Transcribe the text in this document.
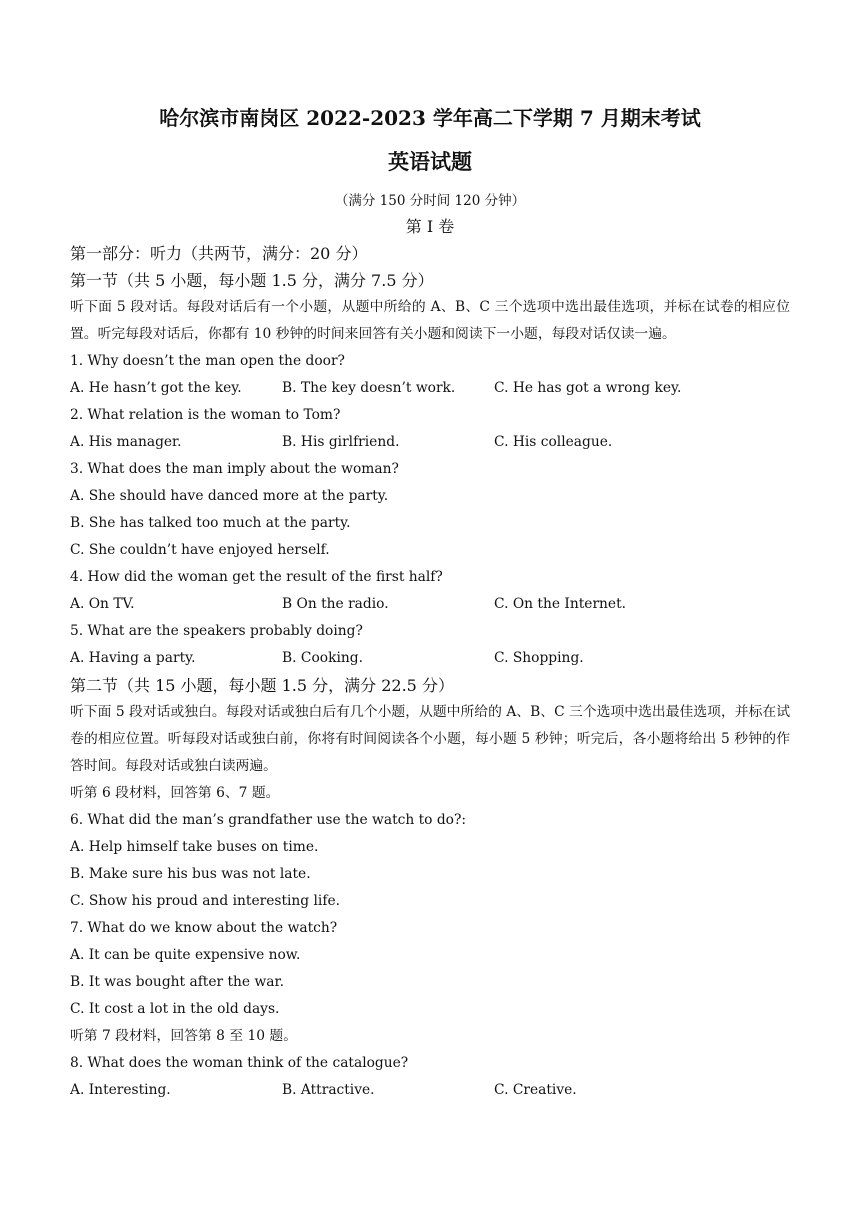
哈尔滨市南岗区 2022-2023 学年高二下学期 7 月期末考试
英语试题
（满分 150 分时间 120 分钟）
第 I 卷
第一部分：听力（共两节，满分：20 分）
第一节（共 5 小题，每小题 1.5 分，满分 7.5 分）
听下面 5 段对话。每段对话后有一个小题，从题中所给的 A、B、C 三个选项中选出最佳选项，并标在试卷的相应位置。听完每段对话后，你都有 10 秒钟的时间来回答有关小题和阅读下一小题，每段对话仅读一遍。
1. Why doesn’t the man open the door?
A. He hasn’t got the key.	B. The key doesn’t work.	C. He has got a wrong key.
2. What relation is the woman to Tom?
A. His manager.	B. His girlfriend.	C. His colleague.
3. What does the man imply about the woman?
A. She should have danced more at the party.
B. She has talked too much at the party.
C. She couldn’t have enjoyed herself.
4. How did the woman get the result of the first half?
A. On TV.	B On the radio.	C. On the Internet.
5. What are the speakers probably doing?
A. Having a party.	B. Cooking.	C. Shopping.
第二节（共 15 小题，每小题 1.5 分，满分 22.5 分）
听下面 5 段对话或独白。每段对话或独白后有几个小题，从题中所给的 A、B、C 三个选项中选出最佳选项，并标在试卷的相应位置。听每段对话或独白前，你将有时间阅读各个小题，每小题 5 秒钟；听完后，各小题将给出 5 秒钟的作答时间。每段对话或独白读两遍。
听第 6 段材料，回答第 6、7 题。
6. What did the man’s grandfather use the watch to do?:
A. Help himself take buses on time.
B. Make sure his bus was not late.
C. Show his proud and interesting life.
7. What do we know about the watch?
A. It can be quite expensive now.
B. It was bought after the war.
C. It cost a lot in the old days.
听第 7 段材料，回答第 8 至 10 题。
8. What does the woman think of the catalogue?
A. Interesting.	B. Attractive.	C. Creative.
